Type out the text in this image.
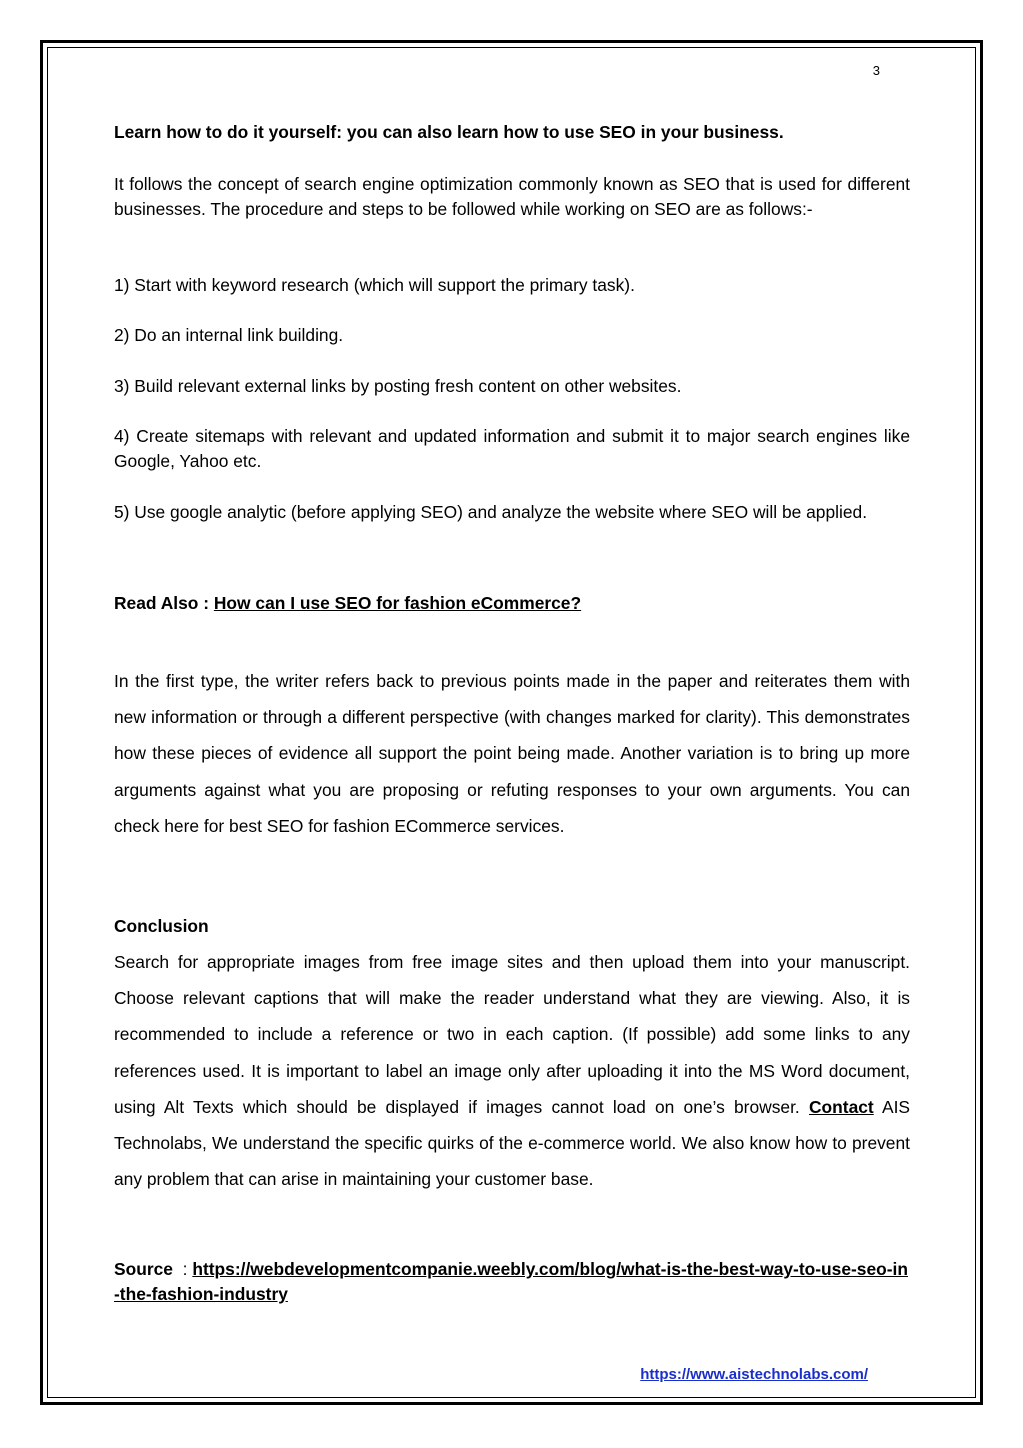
3

Learn how to do it yourself: you can also learn how to use SEO in your business.

It follows the concept of search engine optimization commonly known as SEO that is used for different businesses. The procedure and steps to be followed while working on SEO are as follows:-

1) Start with keyword research (which will support the primary task).

2) Do an internal link building.

3) Build relevant external links by posting fresh content on other websites.

4) Create sitemaps with relevant and updated information and submit it to major search engines like Google, Yahoo etc.

5) Use google analytic (before applying SEO) and analyze the website where SEO will be applied.

Read Also : How can I use SEO for fashion eCommerce?

In the first type, the writer refers back to previous points made in the paper and reiterates them with new information or through a different perspective (with changes marked for clarity). This demonstrates how these pieces of evidence all support the point being made. Another variation is to bring up more arguments against what you are proposing or refuting responses to your own arguments. You can check here for best SEO for fashion ECommerce services.

Conclusion

Search for appropriate images from free image sites and then upload them into your manuscript. Choose relevant captions that will make the reader understand what they are viewing. Also, it is recommended to include a reference or two in each caption. (If possible) add some links to any references used. It is important to label an image only after uploading it into the MS Word document, using Alt Texts which should be displayed if images cannot load on one’s browser. Contact AIS Technolabs, We understand the specific quirks of the e-commerce world. We also know how to prevent any problem that can arise in maintaining your customer base.

Source : https://webdevelopmentcompanie.weebly.com/blog/what-is-the-best-way-to-use-seo-in-the-fashion-industry

https://www.aistechnolabs.com/
